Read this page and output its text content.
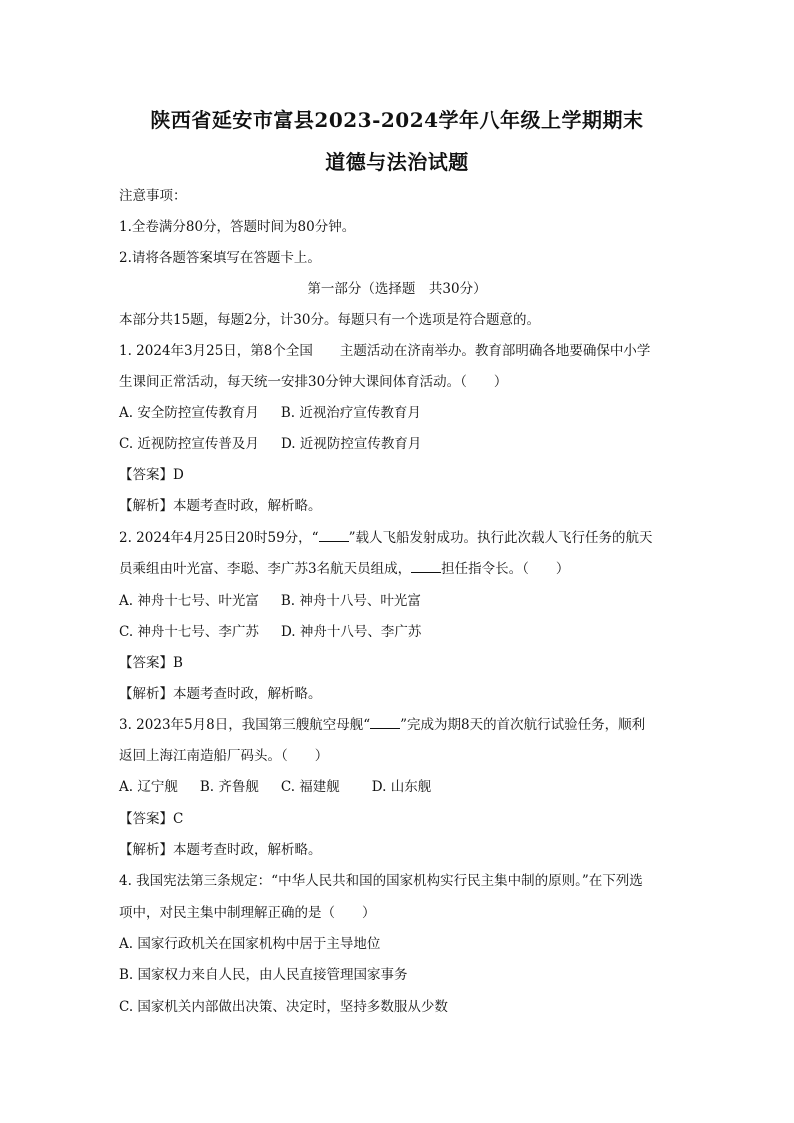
陕西省延安市富县2023-2024学年八年级上学期期末
道德与法治试题
注意事项：
1.全卷满分80分，答题时间为80分钟。
2.请将各题答案填写在答题卡上。
第一部分（选择题　共30分）
本部分共15题，每题2分，计30分。每题只有一个选项是符合题意的。
1. 2024年3月25日，第8个全国　　主题活动在济南举办。教育部明确各地要确保中小学
生课间正常活动，每天统一安排30分钟大课间体育活动。（　　）
A. 安全防控宣传教育月 B. 近视治疗宣传教育月
C. 近视防控宣传普及月 D. 近视防控宣传教育月
【答案】D
【解析】本题考查时政，解析略。
2. 2024年4月25日20时59分，“ ”载人飞船发射成功。执行此次载人飞行任务的航天
员乘组由叶光富、李聪、李广苏3名航天员组成， 担任指令长。（　　）
A. 神舟十七号、叶光富 B. 神舟十八号、叶光富
C. 神舟十七号、李广苏 D. 神舟十八号、李广苏
【答案】B
【解析】本题考查时政，解析略。
3. 2023年5月8日，我国第三艘航空母舰“ ”完成为期8天的首次航行试验任务，顺利
返回上海江南造船厂码头。（　　）
A. 辽宁舰 B. 齐鲁舰 C. 福建舰 D. 山东舰
【答案】C
【解析】本题考查时政，解析略。
4. 我国宪法第三条规定：“中华人民共和国的国家机构实行民主集中制的原则。”在下列选
项中，对民主集中制理解正确的是（　　）
A. 国家行政机关在国家机构中居于主导地位
B. 国家权力来自人民，由人民直接管理国家事务
C. 国家机关内部做出决策、决定时，坚持多数服从少数
